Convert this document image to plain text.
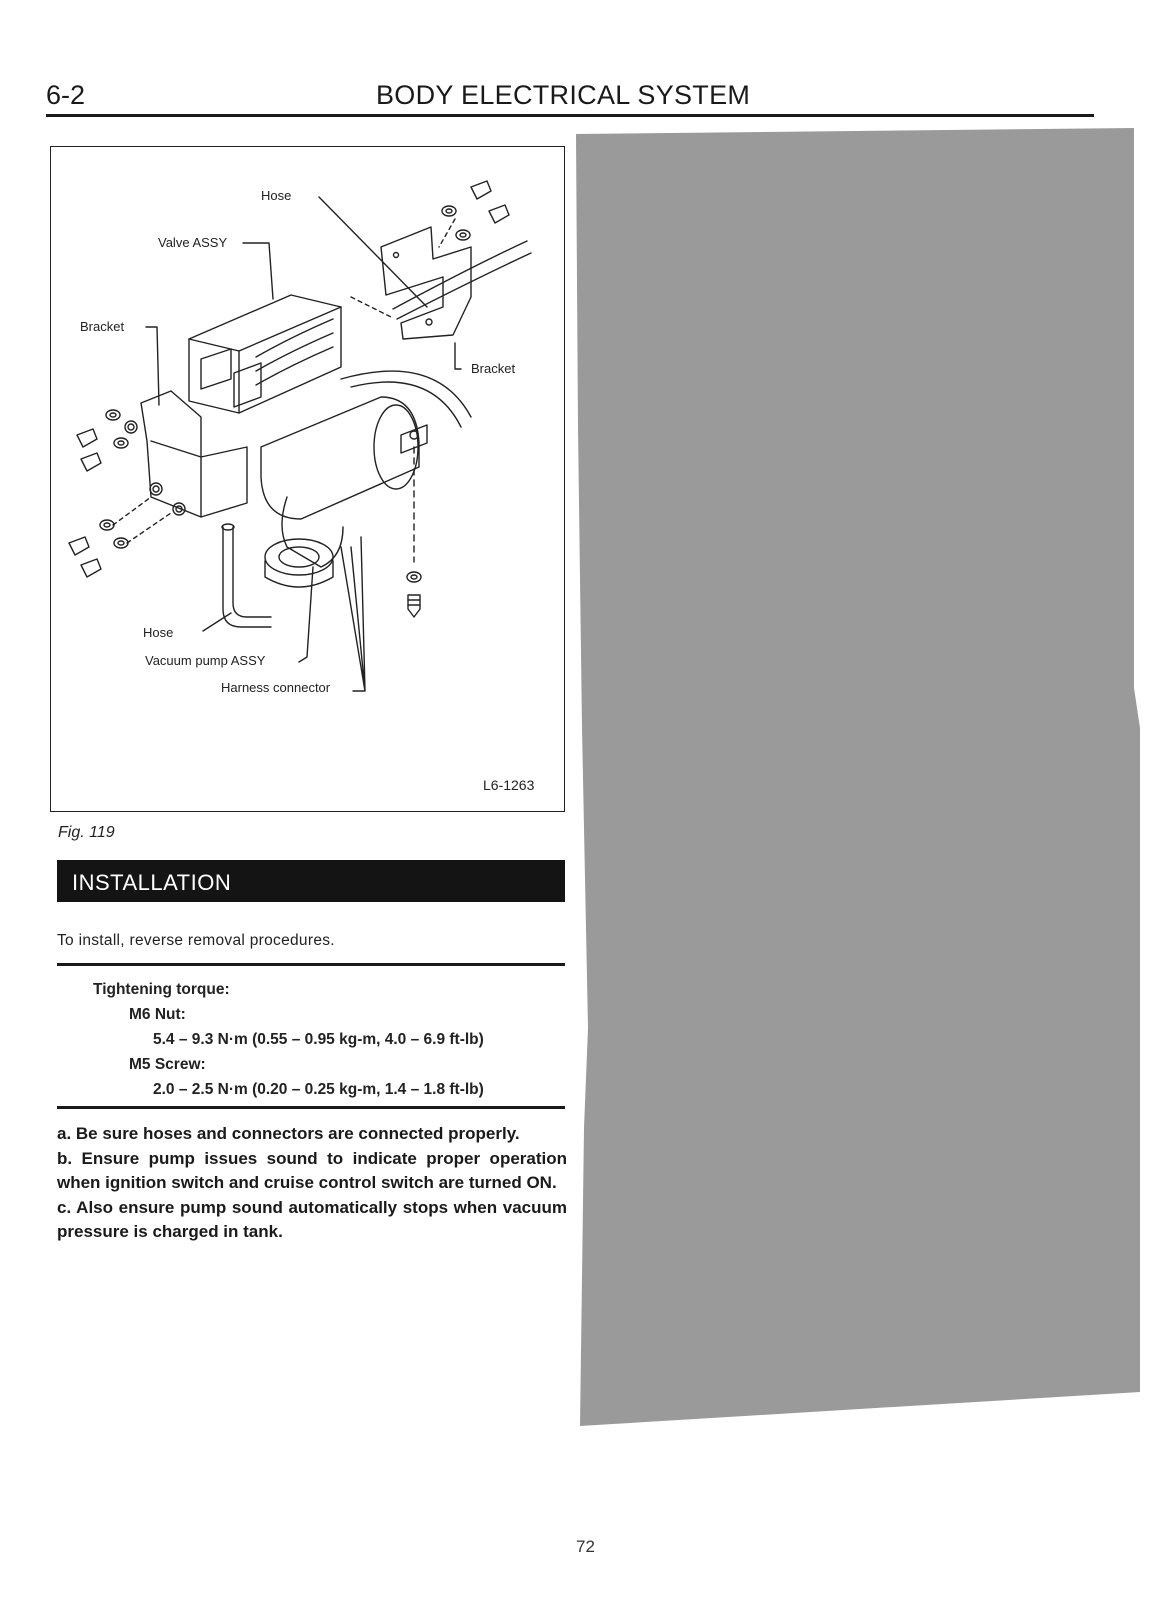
6-2	BODY ELECTRICAL SYSTEM
Hose
Valve ASSY
Bracket
Bracket
Hose
Vacuum pump ASSY
Harness connector
L6-1263
Fig. 119
INSTALLATION
To install, reverse removal procedures.
Tightening torque:
M6 Nut:
5.4 – 9.3 N·m (0.55 – 0.95 kg-m, 4.0 – 6.9 ft-lb)
M5 Screw:
2.0 – 2.5 N·m (0.20 – 0.25 kg-m, 1.4 – 1.8 ft-lb)

a. Be sure hoses and connectors are connected properly.

b. Ensure pump issues sound to indicate proper operation when ignition switch and cruise control switch are turned ON.

c. Also ensure pump sound automatically stops when vacuum pressure is charged in tank.

72
